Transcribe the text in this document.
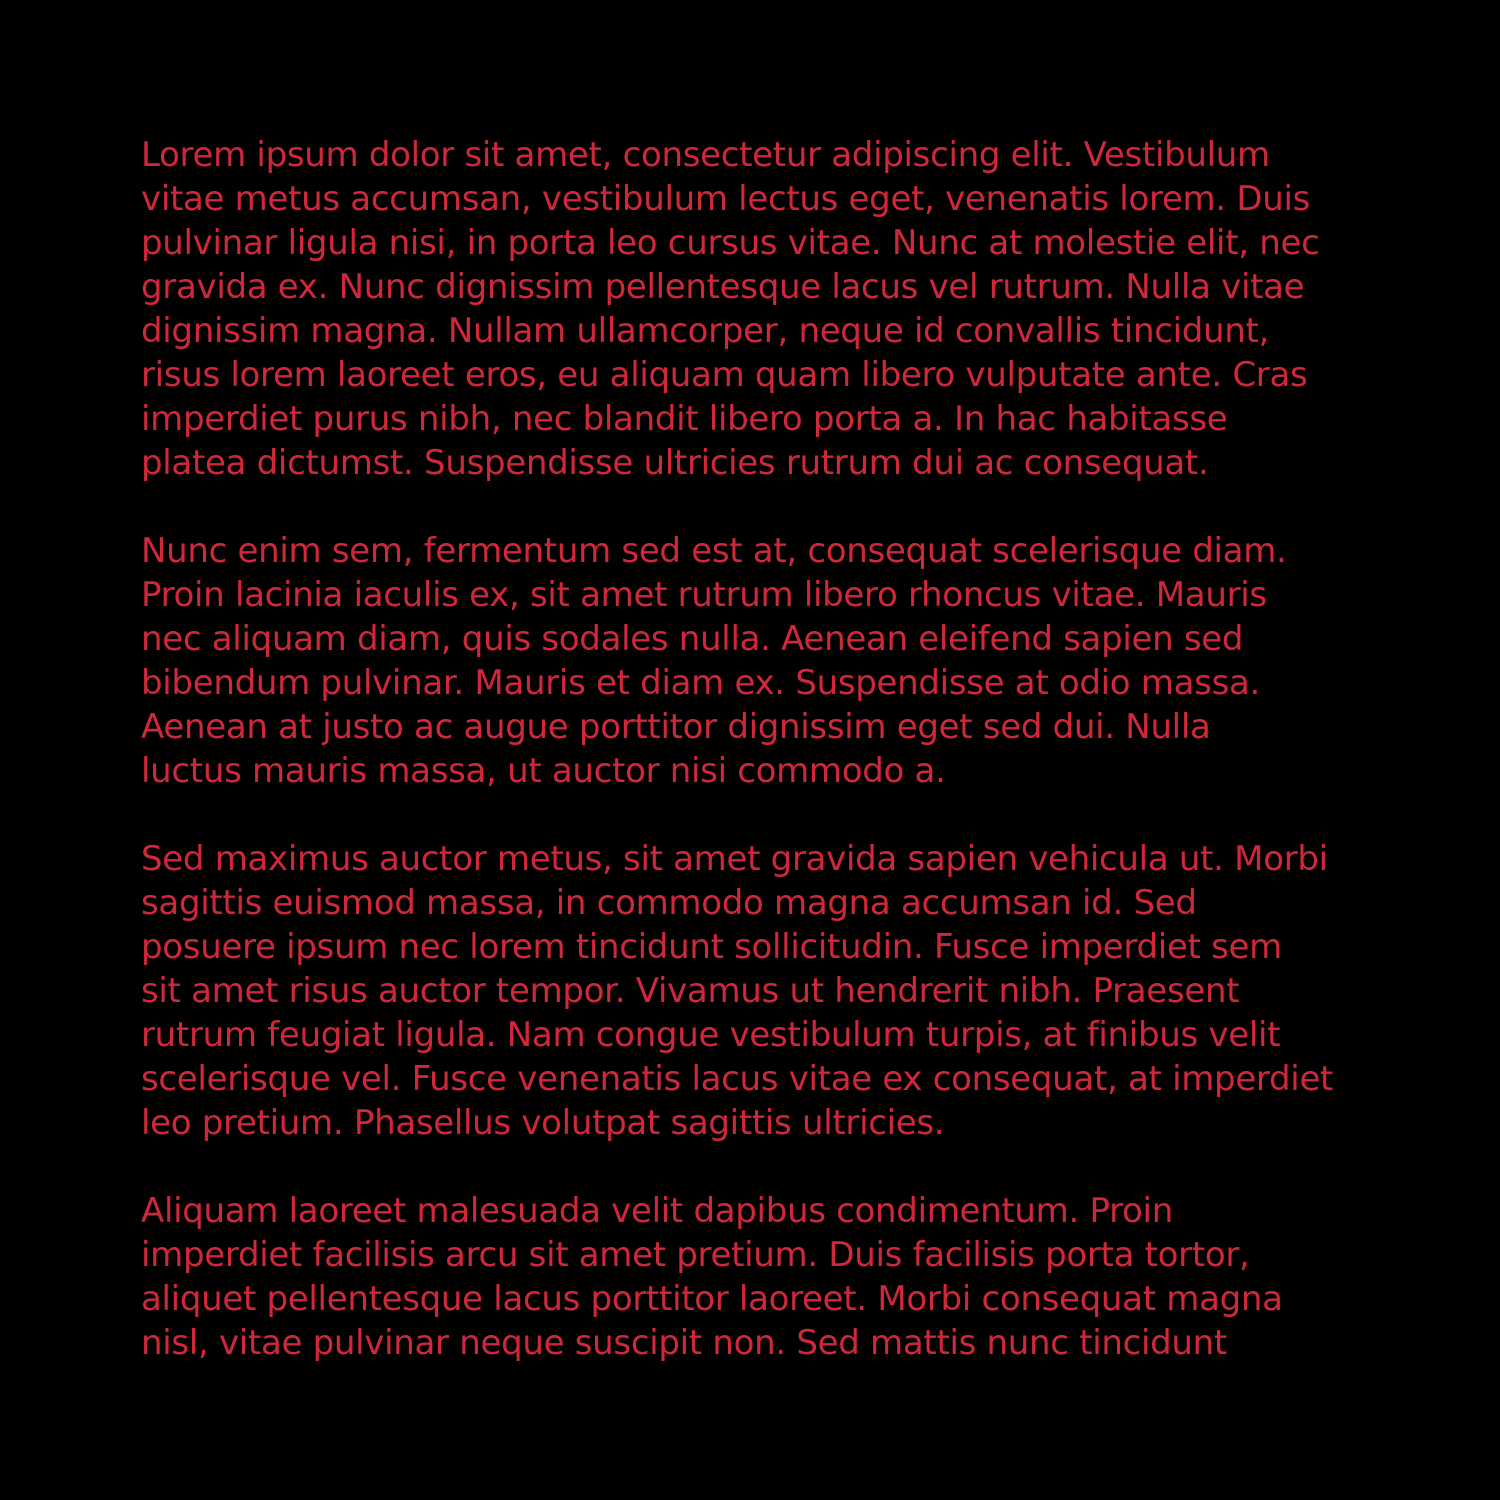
Lorem ipsum dolor sit amet, consectetur adipiscing elit. Vestibulum
vitae metus accumsan, vestibulum lectus eget, venenatis lorem. Duis
pulvinar ligula nisi, in porta leo cursus vitae. Nunc at molestie elit, nec
gravida ex. Nunc dignissim pellentesque lacus vel rutrum. Nulla vitae
dignissim magna. Nullam ullamcorper, neque id convallis tincidunt,
risus lorem laoreet eros, eu aliquam quam libero vulputate ante. Cras
imperdiet purus nibh, nec blandit libero porta a. In hac habitasse
platea dictumst. Suspendisse ultricies rutrum dui ac consequat.
Nunc enim sem, fermentum sed est at, consequat scelerisque diam.
Proin lacinia iaculis ex, sit amet rutrum libero rhoncus vitae. Mauris
nec aliquam diam, quis sodales nulla. Aenean eleifend sapien sed
bibendum pulvinar. Mauris et diam ex. Suspendisse at odio massa.
Aenean at justo ac augue porttitor dignissim eget sed dui. Nulla
luctus mauris massa, ut auctor nisi commodo a.
Sed maximus auctor metus, sit amet gravida sapien vehicula ut. Morbi
sagittis euismod massa, in commodo magna accumsan id. Sed
posuere ipsum nec lorem tincidunt sollicitudin. Fusce imperdiet sem
sit amet risus auctor tempor. Vivamus ut hendrerit nibh. Praesent
rutrum feugiat ligula. Nam congue vestibulum turpis, at finibus velit
scelerisque vel. Fusce venenatis lacus vitae ex consequat, at imperdiet
leo pretium. Phasellus volutpat sagittis ultricies.
Aliquam laoreet malesuada velit dapibus condimentum. Proin
imperdiet facilisis arcu sit amet pretium. Duis facilisis porta tortor,
aliquet pellentesque lacus porttitor laoreet. Morbi consequat magna
nisl, vitae pulvinar neque suscipit non. Sed mattis nunc tincidunt
